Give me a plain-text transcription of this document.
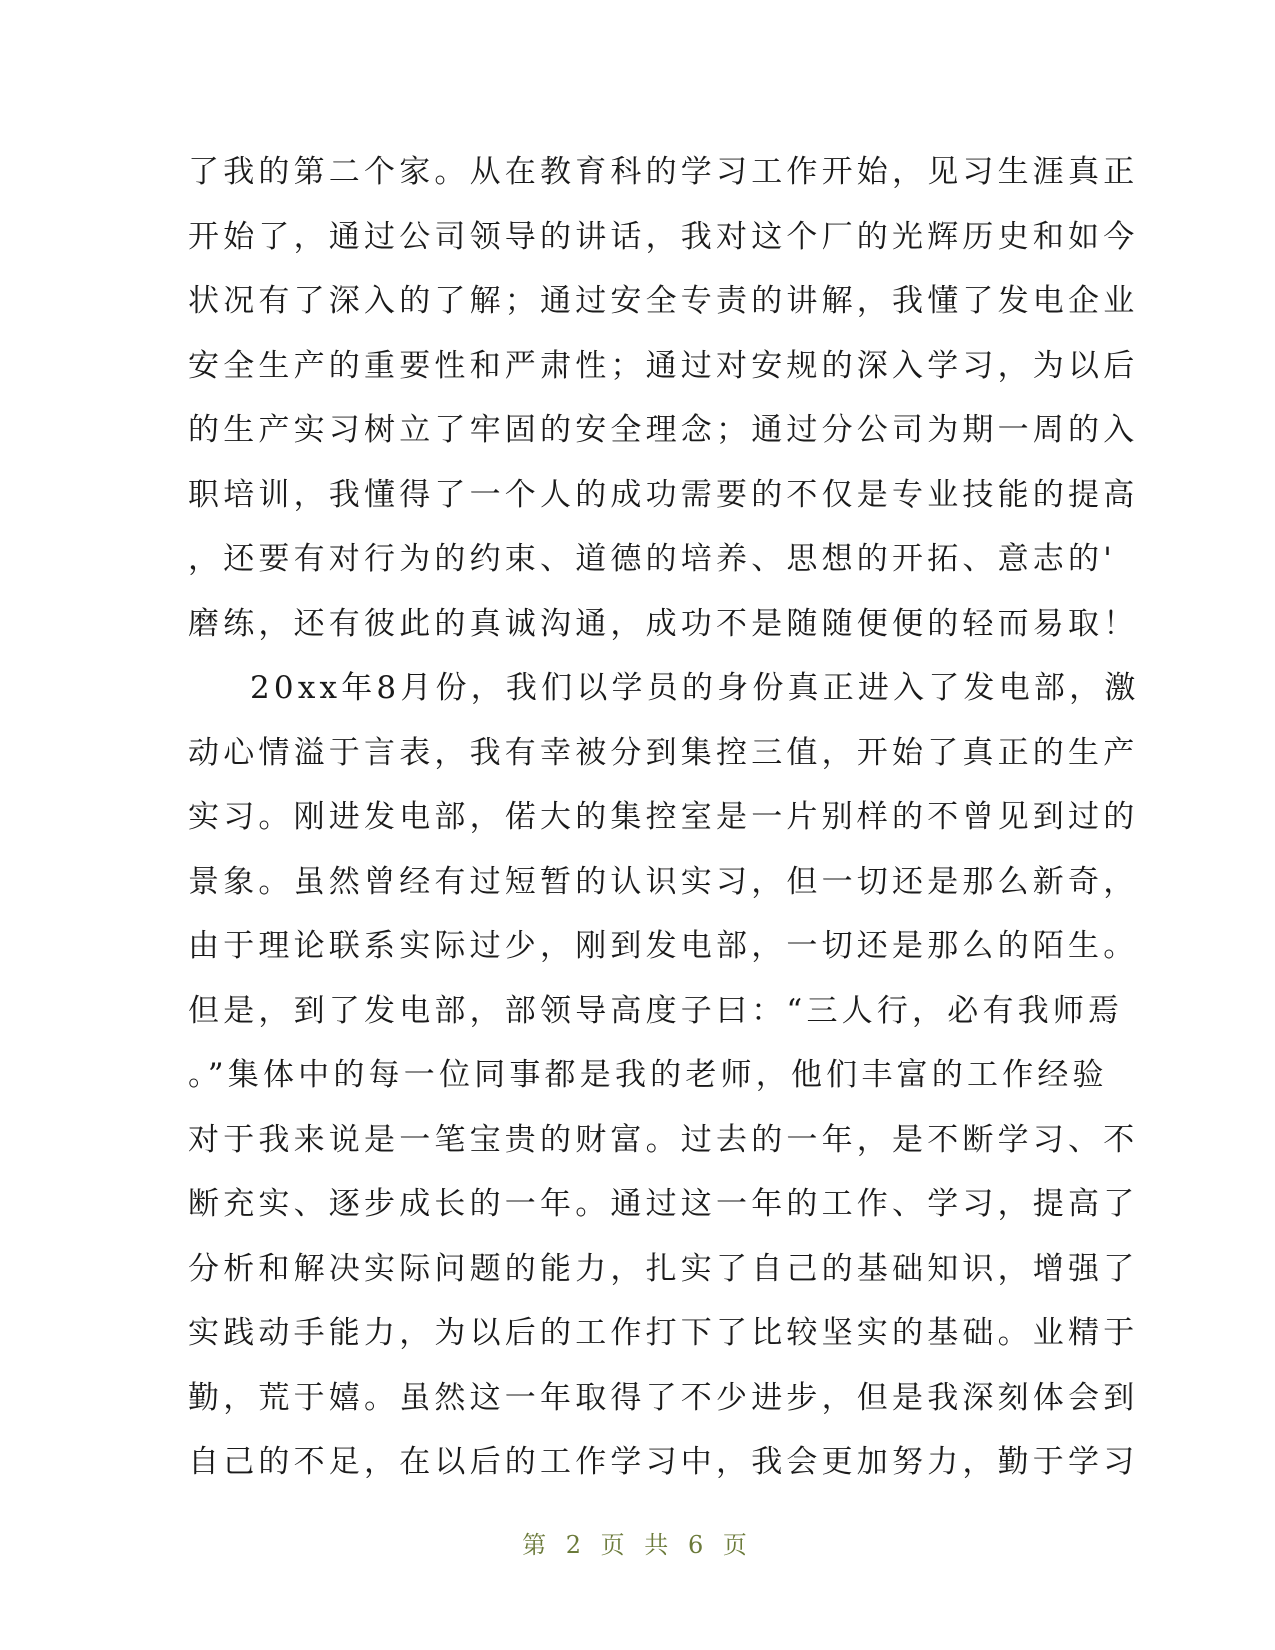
了我的第二个家。从在教育科的学习工作开始，见习生涯真正
开始了，通过公司领导的讲话，我对这个厂的光辉历史和如今
状况有了深入的了解；通过安全专责的讲解，我懂了发电企业
安全生产的重要性和严肃性；通过对安规的深入学习，为以后
的生产实习树立了牢固的安全理念；通过分公司为期一周的入
职培训，我懂得了一个人的成功需要的不仅是专业技能的提高
，还要有对行为的约束、道德的培养、思想的开拓、意志的'
磨练，还有彼此的真诚沟通，成功不是随随便便的轻而易取！
20xx年8月份，我们以学员的身份真正进入了发电部，激
动心情溢于言表，我有幸被分到集控三值，开始了真正的生产
实习。刚进发电部，偌大的集控室是一片别样的不曾见到过的
景象。虽然曾经有过短暂的认识实习，但一切还是那么新奇，
由于理论联系实际过少，刚到发电部，一切还是那么的陌生。
但是，到了发电部，部领导高度子曰：“三人行，必有我师焉
。”集体中的每一位同事都是我的老师，他们丰富的工作经验
对于我来说是一笔宝贵的财富。过去的一年，是不断学习、不
断充实、逐步成长的一年。通过这一年的工作、学习，提高了
分析和解决实际问题的能力，扎实了自己的基础知识，增强了
实践动手能力，为以后的工作打下了比较坚实的基础。业精于
勤，荒于嬉。虽然这一年取得了不少进步，但是我深刻体会到
自己的不足，在以后的工作学习中，我会更加努力，勤于学习
第 2 页 共 6 页
